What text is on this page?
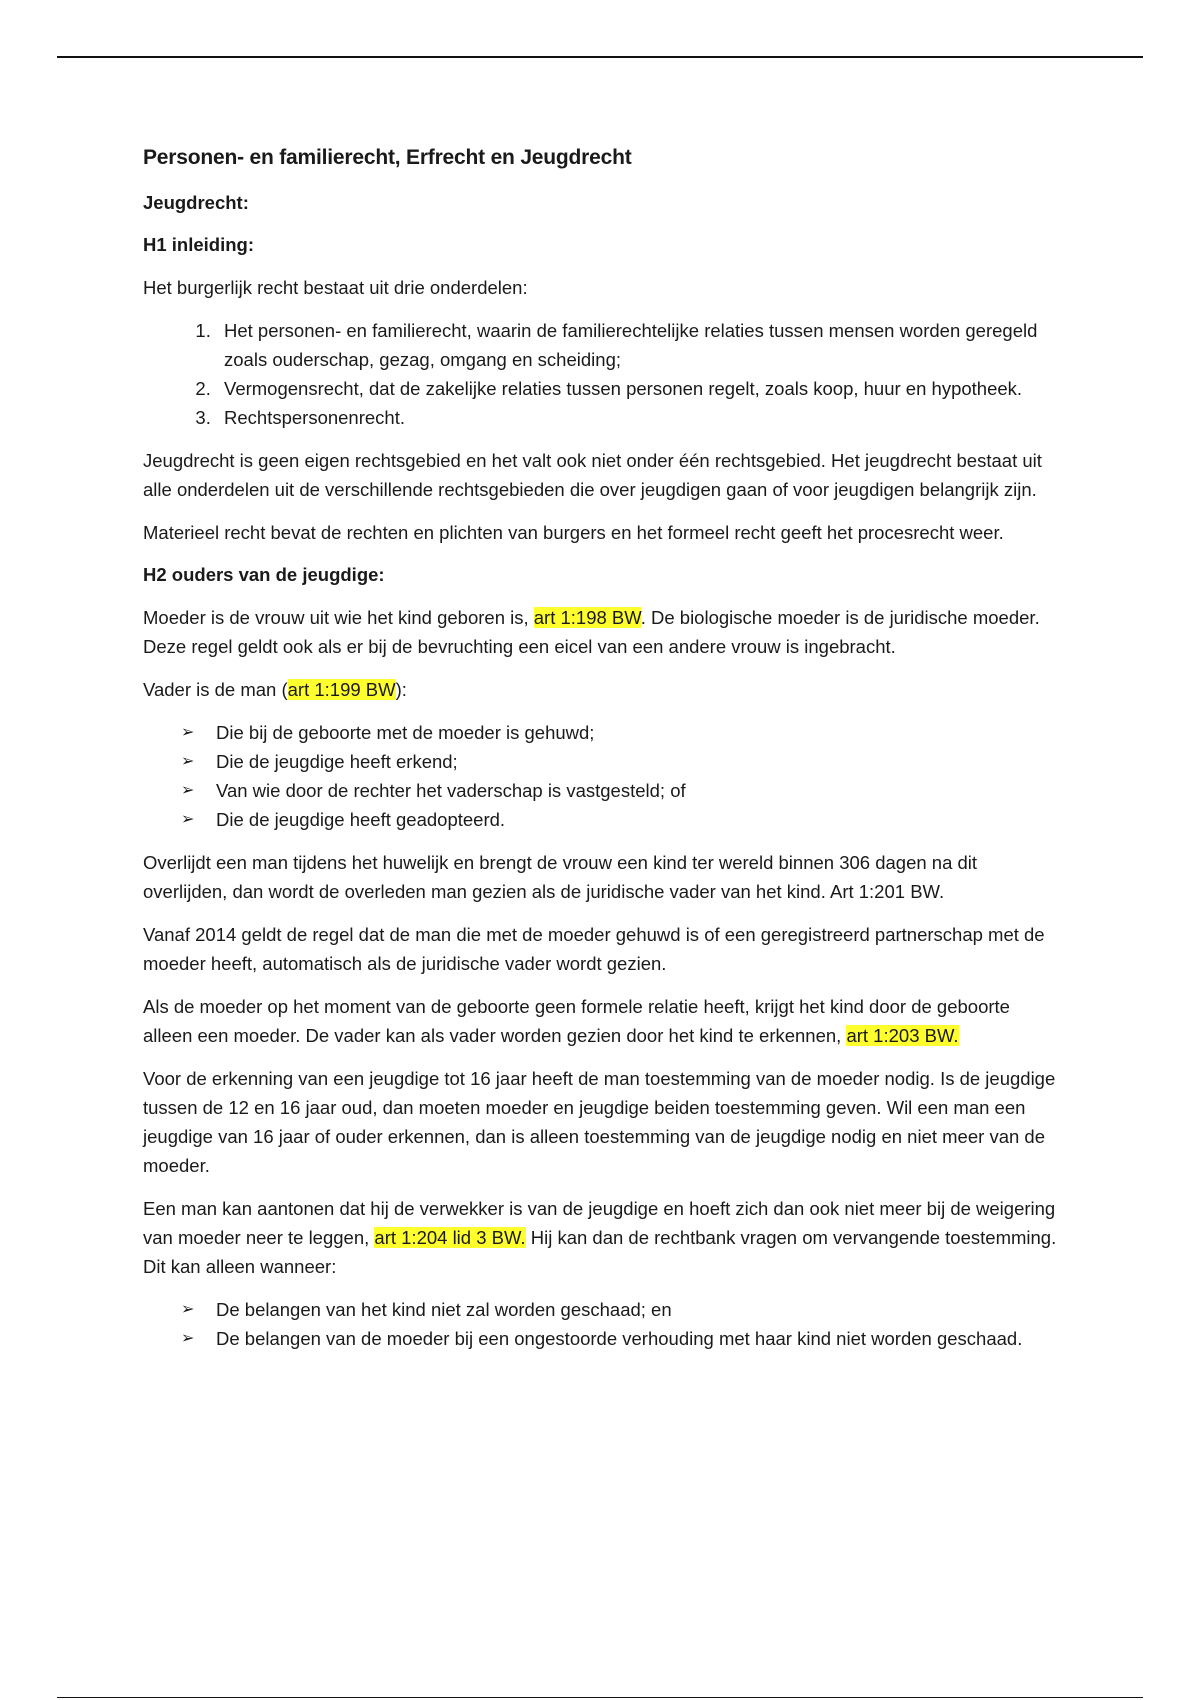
Personen- en familierecht, Erfrecht en Jeugdrecht
Jeugdrecht:
H1 inleiding:

Het burgerlijk recht bestaat uit drie onderdelen:

1. Het personen- en familierecht, waarin de familierechtelijke relaties tussen mensen worden geregeld zoals ouderschap, gezag, omgang en scheiding;
2. Vermogensrecht, dat de zakelijke relaties tussen personen regelt, zoals koop, huur en hypotheek.
3. Rechtspersonenrecht.

Jeugdrecht is geen eigen rechtsgebied en het valt ook niet onder één rechtsgebied. Het jeugdrecht bestaat uit alle onderdelen uit de verschillende rechtsgebieden die over jeugdigen gaan of voor jeugdigen belangrijk zijn.

Materieel recht bevat de rechten en plichten van burgers en het formeel recht geeft het procesrecht weer.

H2 ouders van de jeugdige:

Moeder is de vrouw uit wie het kind geboren is, art 1:198 BW. De biologische moeder is de juridische moeder. Deze regel geldt ook als er bij de bevruchting een eicel van een andere vrouw is ingebracht.

Vader is de man (art 1:199 BW):

➢ Die bij de geboorte met de moeder is gehuwd;
➢ Die de jeugdige heeft erkend;
➢ Van wie door de rechter het vaderschap is vastgesteld; of
➢ Die de jeugdige heeft geadopteerd.

Overlijdt een man tijdens het huwelijk en brengt de vrouw een kind ter wereld binnen 306 dagen na dit overlijden, dan wordt de overleden man gezien als de juridische vader van het kind. Art 1:201 BW.

Vanaf 2014 geldt de regel dat de man die met de moeder gehuwd is of een geregistreerd partnerschap met de moeder heeft, automatisch als de juridische vader wordt gezien.

Als de moeder op het moment van de geboorte geen formele relatie heeft, krijgt het kind door de geboorte alleen een moeder. De vader kan als vader worden gezien door het kind te erkennen, art 1:203 BW.

Voor de erkenning van een jeugdige tot 16 jaar heeft de man toestemming van de moeder nodig. Is de jeugdige tussen de 12 en 16 jaar oud, dan moeten moeder en jeugdige beiden toestemming geven. Wil een man een jeugdige van 16 jaar of ouder erkennen, dan is alleen toestemming van de jeugdige nodig en niet meer van de moeder.

Een man kan aantonen dat hij de verwekker is van de jeugdige en hoeft zich dan ook niet meer bij de weigering van moeder neer te leggen, art 1:204 lid 3 BW. Hij kan dan de rechtbank vragen om vervangende toestemming. Dit kan alleen wanneer:

➢ De belangen van het kind niet zal worden geschaad; en
➢ De belangen van de moeder bij een ongestoorde verhouding met haar kind niet worden geschaad.
